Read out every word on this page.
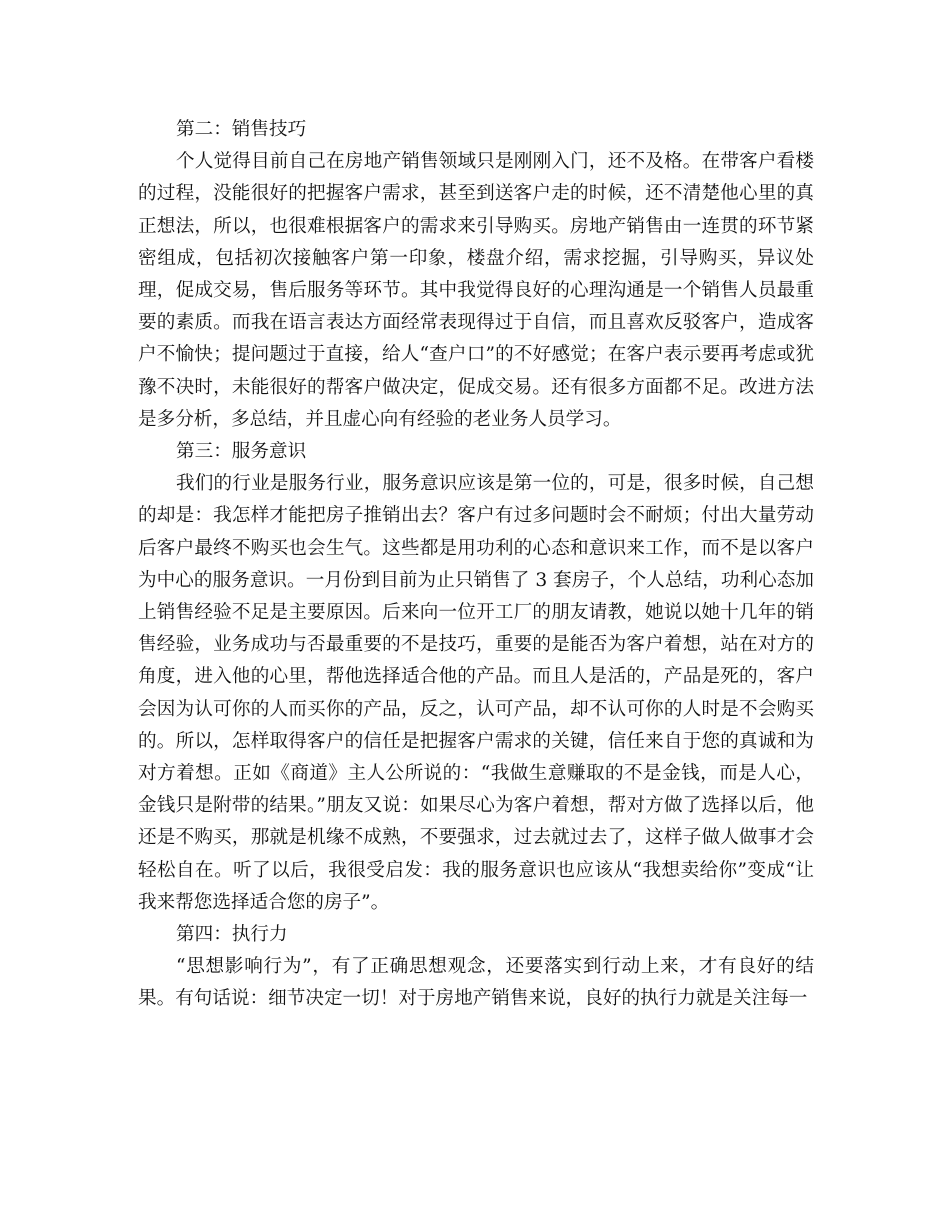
第二：销售技巧

个人觉得目前自己在房地产销售领域只是刚刚入门，还不及格。在带客户看楼的过程，没能很好的把握客户需求，甚至到送客户走的时候，还不清楚他心里的真正想法，所以，也很难根据客户的需求来引导购买。房地产销售由一连贯的环节紧密组成，包括初次接触客户第一印象，楼盘介绍，需求挖掘，引导购买，异议处理，促成交易，售后服务等环节。其中我觉得良好的心理沟通是一个销售人员最重要的素质。而我在语言表达方面经常表现得过于自信，而且喜欢反驳客户，造成客户不愉快；提问题过于直接，给人“查户口”的不好感觉；在客户表示要再考虑或犹豫不决时，未能很好的帮客户做决定，促成交易。还有很多方面都不足。改进方法是多分析，多总结，并且虚心向有经验的老业务人员学习。

第三：服务意识

我们的行业是服务行业，服务意识应该是第一位的，可是，很多时候，自己想的却是：我怎样才能把房子推销出去？客户有过多问题时会不耐烦；付出大量劳动后客户最终不购买也会生气。这些都是用功利的心态和意识来工作，而不是以客户为中心的服务意识。一月份到目前为止只销售了 3 套房子，个人总结，功利心态加上销售经验不足是主要原因。后来向一位开工厂的朋友请教，她说以她十几年的销售经验，业务成功与否最重要的不是技巧，重要的是能否为客户着想，站在对方的角度，进入他的心里，帮他选择适合他的产品。而且人是活的，产品是死的，客户会因为认可你的人而买你的产品，反之，认可产品，却不认可你的人时是不会购买的。所以，怎样取得客户的信任是把握客户需求的关键，信任来自于您的真诚和为对方着想。正如《商道》主人公所说的：“我做生意赚取的不是金钱，而是人心，金钱只是附带的结果。”朋友又说：如果尽心为客户着想，帮对方做了选择以后，他还是不购买，那就是机缘不成熟，不要强求，过去就过去了，这样子做人做事才会轻松自在。听了以后，我很受启发：我的服务意识也应该从“我想卖给你”变成“让我来帮您选择适合您的房子”。

第四：执行力

“思想影响行为”，有了正确思想观念，还要落实到行动上来，才有良好的结果。有句话说：细节决定一切！对于房地产销售来说，良好的执行力就是关注每一
